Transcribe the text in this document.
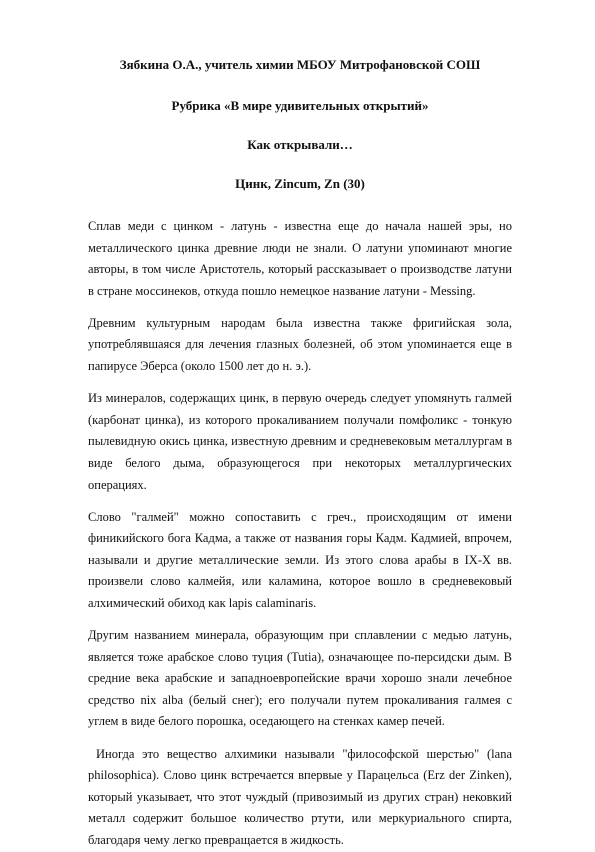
Зябкина О.А., учитель химии МБОУ Митрофановской СОШ

Рубрика «В мире удивительных открытий»

Как открывали…

Цинк, Zincum, Zn (30)

Сплав меди с цинком - латунь - известна еще до начала нашей эры, но металлического цинка древние люди не знали. О латуни упоминают многие авторы, в том числе Аристотель, который рассказывает о производстве латуни в стране моссинеков, откуда пошло немецкое название латуни - Messing.

Древним культурным народам была известна также фригийская зола, употреблявшаяся для лечения глазных болезней, об этом упоминается еще в папирусе Эберса (около 1500 лет до н. э.).

Из минералов, содержащих цинк, в первую очередь следует упомянуть галмей (карбонат цинка), из которого прокаливанием получали помфоликс - тонкую пылевидную окись цинка, известную древним и средневековым металлургам в виде белого дыма, образующегося при некоторых металлургических операциях.

Слово "галмей" можно сопоставить с греч., происходящим от имени финикийского бога Кадма, а также от названия горы Кадм. Кадмией, впрочем, называли и другие металлические земли. Из этого слова арабы в IX-X вв. произвели слово калмейя, или каламина, которое вошло в средневековый алхимический обиход как lapis calaminaris.

Другим названием минерала, образующим при сплавлении с медью латунь, является тоже арабское слово туция (Tutia), означающее по-персидски дым. В средние века арабские и западноевропейские врачи хорошо знали лечебное средство nix alba (белый снег); его получали путем прокаливания галмея с углем в виде белого порошка, оседающего на стенках камер печей.

Иногда это вещество алхимики называли "философской шерстью" (lana philosophica). Слово цинк встречается впервые у Парацельса (Erz der Zinken), который указывает, что этот чуждый (привозимый из других стран) нековкий металл содержит большое количество ртути, или меркуриального спирта, благодаря чему легко превращается в жидкость.
